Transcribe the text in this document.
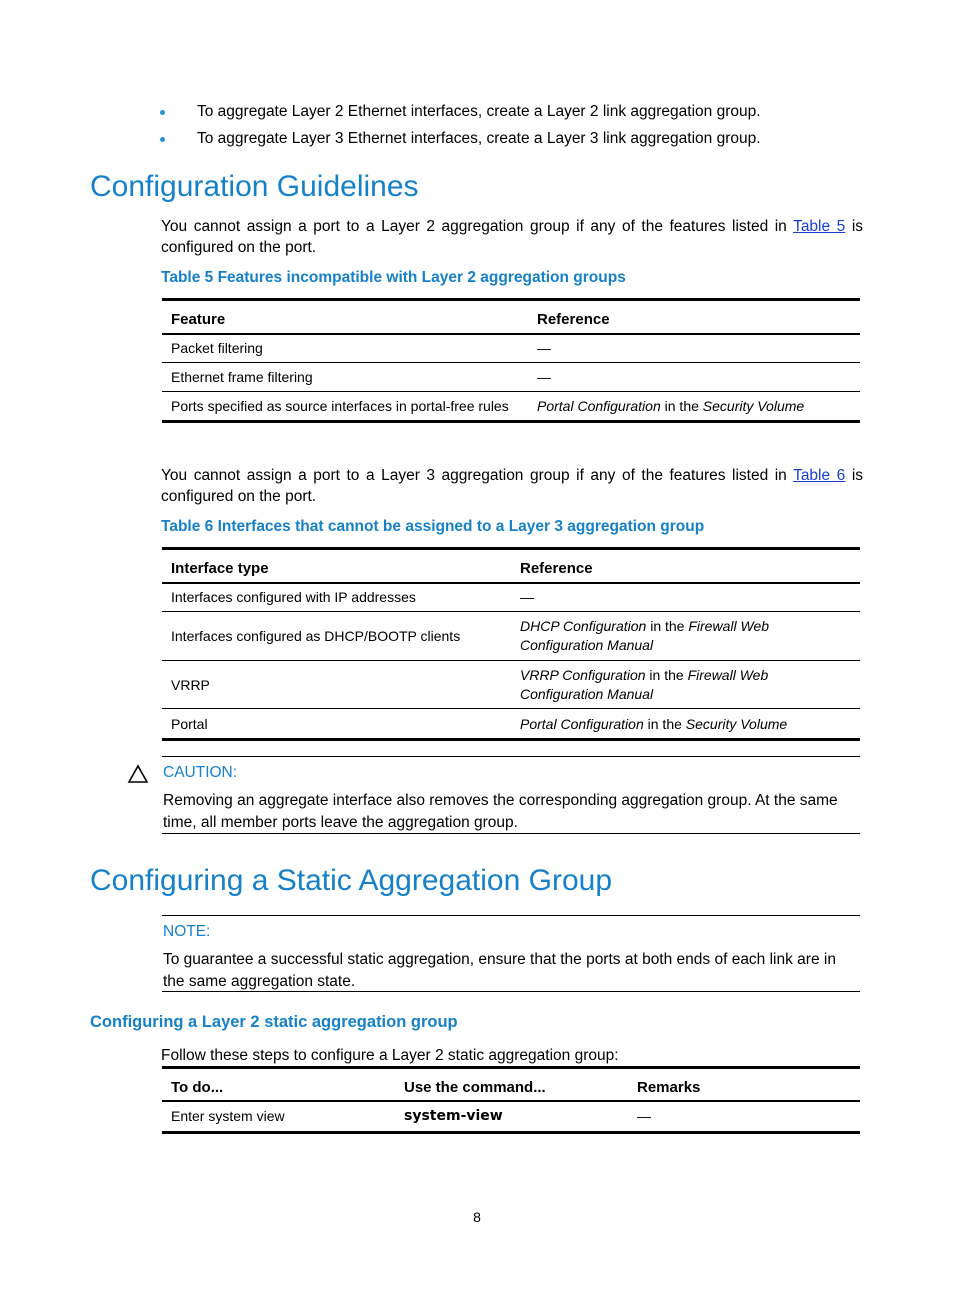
To aggregate Layer 2 Ethernet interfaces, create a Layer 2 link aggregation group.
To aggregate Layer 3 Ethernet interfaces, create a Layer 3 link aggregation group.
Configuration Guidelines
You cannot assign a port to a Layer 2 aggregation group if any of the features listed in Table 5 is configured on the port.
Table 5 Features incompatible with Layer 2 aggregation groups
Feature	Reference
Packet filtering	—
Ethernet frame filtering	—
Ports specified as source interfaces in portal-free rules	Portal Configuration in the Security Volume
You cannot assign a port to a Layer 3 aggregation group if any of the features listed in Table 6 is configured on the port.
Table 6 Interfaces that cannot be assigned to a Layer 3 aggregation group
Interface type	Reference
Interfaces configured with IP addresses	—
Interfaces configured as DHCP/BOOTP clients	DHCP Configuration in the Firewall Web
Configuration Manual
VRRP	VRRP Configuration in the Firewall Web
Configuration Manual
Portal	Portal Configuration in the Security Volume
CAUTION:
Removing an aggregate interface also removes the corresponding aggregation group. At the same time, all member ports leave the aggregation group.
Configuring a Static Aggregation Group
NOTE:
To guarantee a successful static aggregation, ensure that the ports at both ends of each link are in the same aggregation state.
Configuring a Layer 2 static aggregation group
Follow these steps to configure a Layer 2 static aggregation group:
To do...	Use the command...	Remarks
Enter system view	system-view	—
8
